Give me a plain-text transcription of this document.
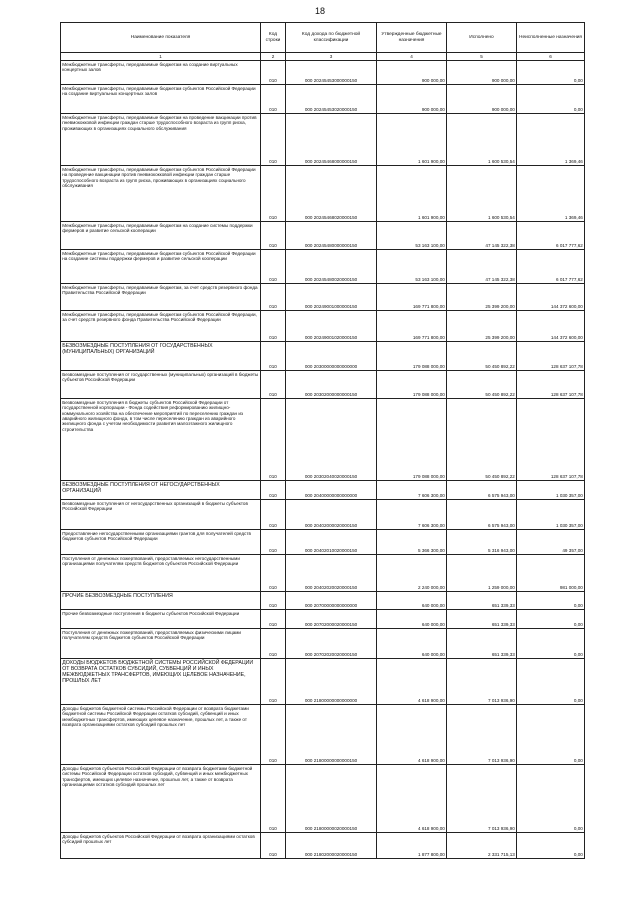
18
Наименование показателя	Код строки	Код дохода по бюджетной классификации	Утвержденные бюджетные назначения	Исполнено	Неисполненные назначения
1	2	3	4	5	6
Межбюджетные трансферты, передаваемые бюджетам на создание виртуальных концертных залов	010	000 20245453000000150	900 000,00	900 000,00	0,00
Межбюджетные трансферты, передаваемые бюджетам субъектов Российской Федерации на создание виртуальных концертных залов	010	000 20245453020000150	900 000,00	900 000,00	0,00
Межбюджетные трансферты, передаваемые бюджетам на проведение вакцинации против пневмококковой инфекции граждан старше трудоспособного возраста из групп риска, проживающих в организациях социального обслуживания	010	000 20245468000000150	1 601 900,00	1 600 530,54	1 369,46
Межбюджетные трансферты, передаваемые бюджетам субъектов Российской Федерации на проведение вакцинации против пневмококковой инфекции граждан старше трудоспособного возраста из групп риска, проживающих в организациях социального обслуживания	010	000 20245468020000150	1 601 900,00	1 600 530,54	1 369,46
Межбюджетные трансферты, передаваемые бюджетам на создание системы поддержки фермеров и развитие сельской кооперации	010	000 20245480000000150	53 163 100,00	47 145 322,38	6 017 777,62
Межбюджетные трансферты, передаваемые бюджетам субъектов Российской Федерации на создание системы поддержки фермеров и развитие сельской кооперации	010	000 20245480020000150	53 163 100,00	47 145 322,38	6 017 777,62
Межбюджетные трансферты, передаваемые бюджетам, за счет средств резервного фонда Правительства Российской Федерации	010	000 20249001000000150	169 771 800,00	25 399 200,00	144 372 600,00
Межбюджетные трансферты, передаваемые бюджетам субъектов Российской Федерации, за счет средств резервного фонда Правительства Российской Федерации	010	000 20249001020000150	169 771 800,00	25 399 200,00	144 372 600,00
БЕЗВОЗМЕЗДНЫЕ ПОСТУПЛЕНИЯ ОТ ГОСУДАРСТВЕННЫХ (МУНИЦИПАЛЬНЫХ) ОРГАНИЗАЦИЙ	010	000 20300000000000000	179 088 000,00	50 450 892,22	128 637 107,78
Безвозмездные поступления от государственных (муниципальных) организаций в бюджеты субъектов Российской Федерации	010	000 20302000000000150	179 088 000,00	50 450 892,22	128 637 107,78
Безвозмездные поступления в бюджеты субъектов Российской Федерации от государственной корпорации - Фонда содействия реформированию жилищно-коммунального хозяйства на обеспечение мероприятий по переселению граждан из аварийного жилищного фонда, в том числе переселению граждан из аварийного жилищного фонда с учетом необходимости развития малоэтажного жилищного строительства	010	000 20302040020000150	179 088 000,00	50 450 892,22	128 637 107,78
БЕЗВОЗМЕЗДНЫЕ ПОСТУПЛЕНИЯ ОТ НЕГОСУДАРСТВЕННЫХ ОРГАНИЗАЦИЙ	010	000 20400000000000000	7 606 300,00	6 575 943,00	1 030 357,00
Безвозмездные поступления от негосударственных организаций в бюджеты субъектов Российской Федерации	010	000 20402000020000150	7 606 300,00	6 575 943,00	1 030 357,00
Предоставление негосударственными организациями грантов для получателей средств бюджетов субъектов Российской Федерации	010	000 20402010020000150	5 366 300,00	5 316 943,00	49 357,00
Поступления от денежных пожертвований, предоставляемых негосударственными организациями получателям средств бюджетов субъектов Российской Федерации	010	000 20402020020000150	2 240 000,00	1 259 000,00	981 000,00
ПРОЧИЕ БЕЗВОЗМЕЗДНЫЕ ПОСТУПЛЕНИЯ	010	000 20700000000000000	640 000,00	651 339,33	0,00
Прочие безвозмездные поступления в бюджеты субъектов Российской Федерации	010	000 20702000020000150	640 000,00	651 339,33	0,00
Поступления от денежных пожертвований, предоставляемых физическими лицами получателям средств бюджетов субъектов Российской Федерации	010	000 20702020020000150	640 000,00	651 339,33	0,00
ДОХОДЫ БЮДЖЕТОВ БЮДЖЕТНОЙ СИСТЕМЫ РОССИЙСКОЙ ФЕДЕРАЦИИ ОТ ВОЗВРАТА ОСТАТКОВ СУБСИДИЙ, СУБВЕНЦИЙ И ИНЫХ МЕЖБЮДЖЕТНЫХ ТРАНСФЕРТОВ, ИМЕЮЩИХ ЦЕЛЕВОЕ НАЗНАЧЕНИЕ, ПРОШЛЫХ ЛЕТ	010	000 21800000000000000	4 618 900,00	7 013 936,90	0,00
Доходы бюджетов бюджетной системы Российской Федерации от возврата бюджетами бюджетной системы Российской Федерации остатков субсидий, субвенций и иных межбюджетных трансфертов, имеющих целевое назначение, прошлых лет, а также от возврата организациями остатков субсидий прошлых лет	010	000 21800000000000150	4 618 900,00	7 013 936,90	0,00
Доходы бюджетов субъектов Российской Федерации от возврата бюджетами бюджетной системы Российской Федерации остатков субсидий, субвенций и иных межбюджетных трансфертов, имеющих целевое назначение, прошлых лет, а также от возврата организациями остатков субсидий прошлых лет	010	000 21800000020000150	4 618 900,00	7 013 936,90	0,00
Доходы бюджетов субъектов Российской Федерации от возврата организациями остатков субсидий прошлых лет	010	000 21802000020000150	1 877 800,00	2 331 715,13	0,00
